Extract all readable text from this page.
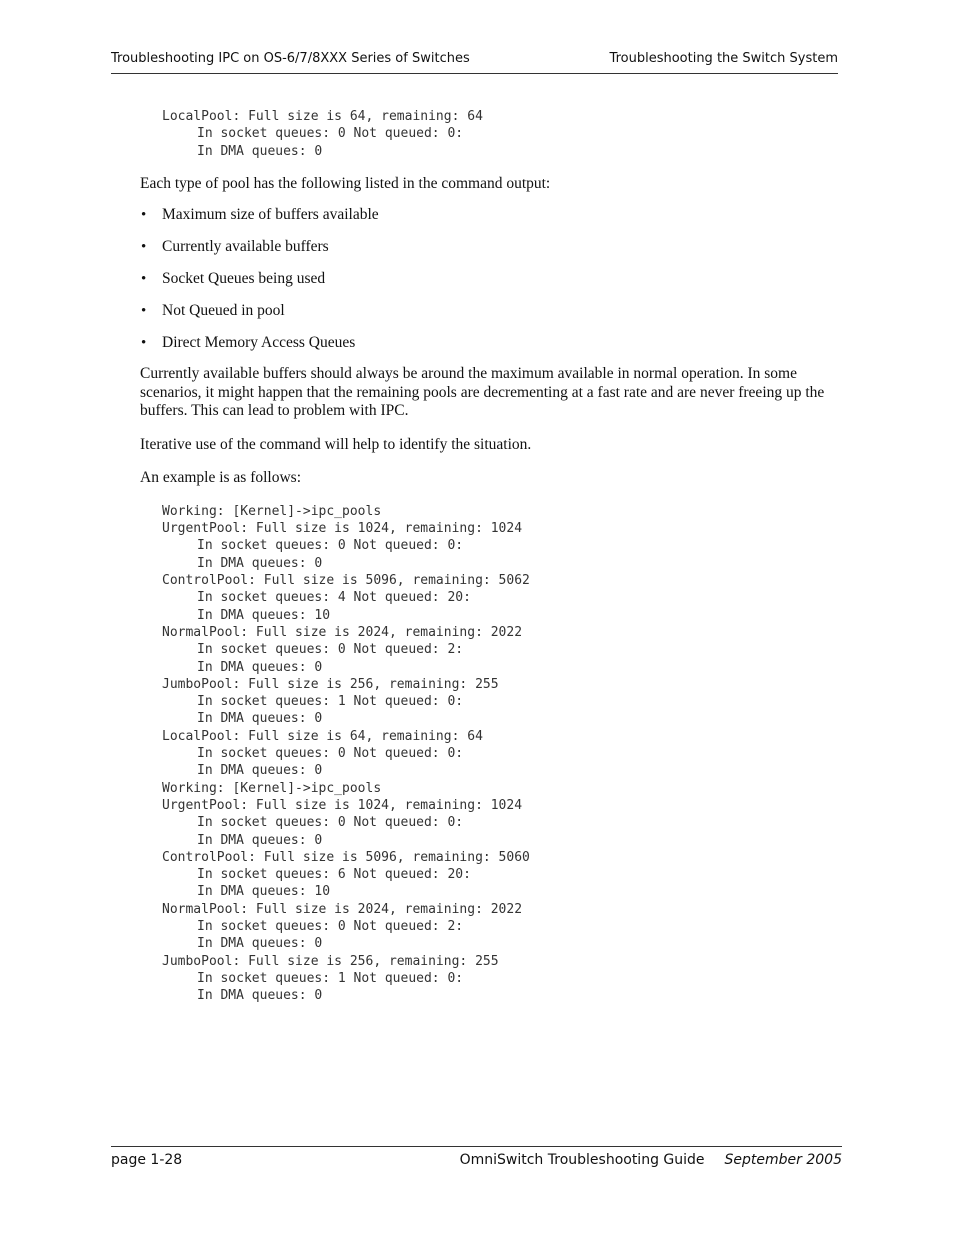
Troubleshooting IPC on OS-6/7/8XXX Series of Switches	Troubleshooting the Switch System
LocalPool: Full size is 64, remaining: 64
In socket queues: 0 Not queued: 0:
In DMA queues: 0

Each type of pool has the following listed in the command output:

• Maximum size of buffers available
• Currently available buffers
• Socket Queues being used
• Not Queued in pool
• Direct Memory Access Queues

Currently available buffers should always be around the maximum available in normal operation. In some scenarios, it might happen that the remaining pools are decrementing at a fast rate and are never freeing up the buffers. This can lead to problem with IPC.

Iterative use of the command will help to identify the situation.

An example is as follows:

Working: [Kernel]->ipc_pools
UrgentPool: Full size is 1024, remaining: 1024
In socket queues: 0 Not queued: 0:
In DMA queues: 0
ControlPool: Full size is 5096, remaining: 5062
In socket queues: 4 Not queued: 20:
In DMA queues: 10
NormalPool: Full size is 2024, remaining: 2022
In socket queues: 0 Not queued: 2:
In DMA queues: 0
JumboPool: Full size is 256, remaining: 255
In socket queues: 1 Not queued: 0:
In DMA queues: 0
LocalPool: Full size is 64, remaining: 64
In socket queues: 0 Not queued: 0:
In DMA queues: 0
Working: [Kernel]->ipc_pools
UrgentPool: Full size is 1024, remaining: 1024
In socket queues: 0 Not queued: 0:
In DMA queues: 0
ControlPool: Full size is 5096, remaining: 5060
In socket queues: 6 Not queued: 20:
In DMA queues: 10
NormalPool: Full size is 2024, remaining: 2022
In socket queues: 0 Not queued: 2:
In DMA queues: 0
JumboPool: Full size is 256, remaining: 255
In socket queues: 1 Not queued: 0:
In DMA queues: 0
page 1-28	OmniSwitch Troubleshooting Guide September 2005
